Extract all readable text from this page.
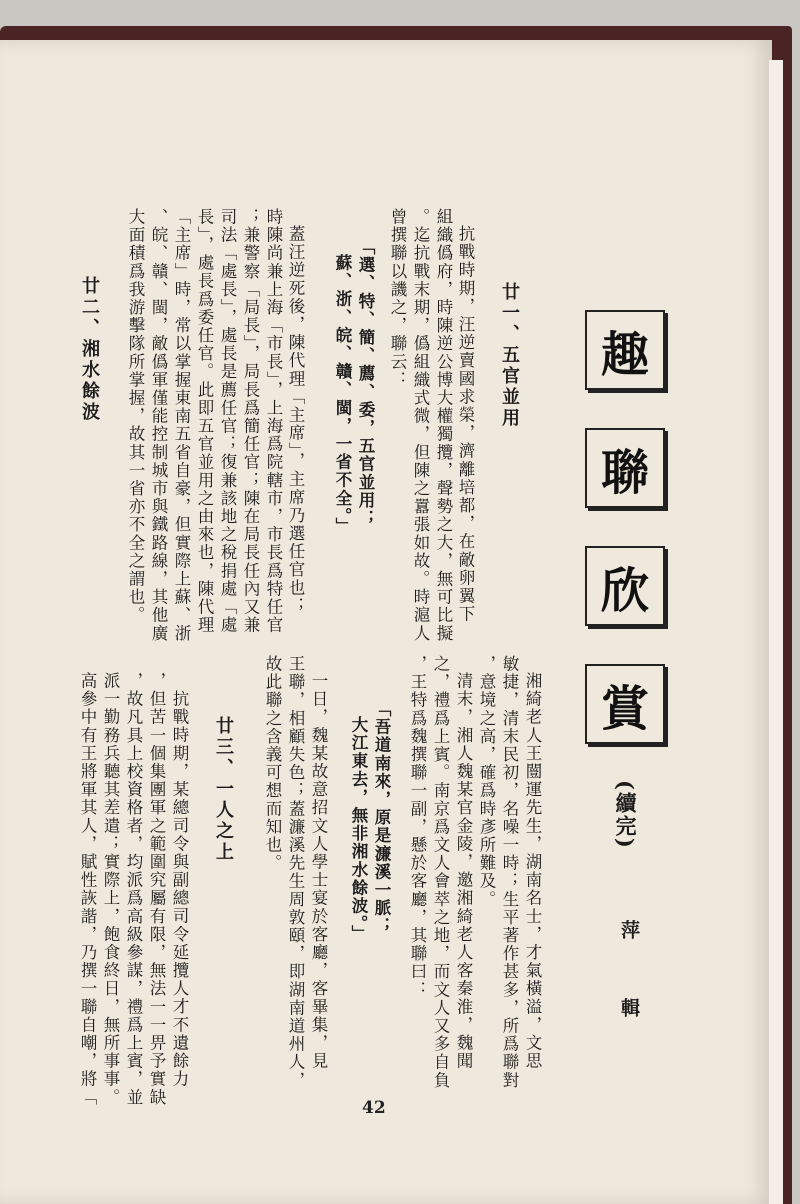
趣
聯
欣
賞
(續完)
萍 輯
廿一、五官並用
抗戰時期，汪逆賣國求榮，濟離培都，在敵卵翼下
組織僞府，時陳逆公博大權獨攬，聲勢之大，無可比擬
。迄抗戰末期，僞組織式微，但陳之囂張如故。時滬人
曾撰聯以譏之，聯云：
「選、特、簡、薦、委，五官並用；
蘇、浙、皖、贛、閩，一省不全。」
蓋汪逆死後，陳代理「主席」，主席乃選任官也；
時陳尚兼上海「市長」，上海爲院轄市，市長爲特任官
；兼警察「局長」，局長爲簡任官；陳在局長任內又兼
司法「處長」，處長是薦任官；復兼該地之稅捐處「處
長」，處長爲委任官。此即五官並用之由來也，陳代理
「主席」時，常以掌握東南五省自豪，但實際上蘇、浙
、皖、贛、閩，敵僞軍僅能控制城市與鐵路線，其他廣
大面積爲我游擊隊所掌握，故其一省亦不全之謂也。
廿二、湘水餘波
湘綺老人王闓運先生，湖南名士，才氣橫溢，文思
敏捷，清末民初，名噪一時；生平著作甚多，所爲聯對
，意境之高，確爲時彥所難及。
清末，湘人魏某官金陵，邀湘綺老人客秦淮，魏聞
之，禮爲上賓。南京爲文人會萃之地，而文人又多自負
，王特爲魏撰聯一副，懸於客廳，其聯曰：
「吾道南來，原是濂溪一脈；
大江東去，無非湘水餘波。」
一日，魏某故意招文人學士宴於客廳，客畢集，見
王聯，相顧失色；蓋濂溪先生周敦頤，即湖南道州人，
故此聯之含義可想而知也。
廿三、一人之上
抗戰時期，某總司令與副總司令延攬人才不遺餘力
，但苦一個集團軍之範圍究屬有限，無法一一畀予實缺
，故凡具上校資格者，均派爲高級參謀，禮爲上賓，並
派一勤務兵聽其差遣；實際上，飽食終日，無所事事。
高參中有王將軍其人，賦性詼諧，乃撰一聯自嘲，將「
42
